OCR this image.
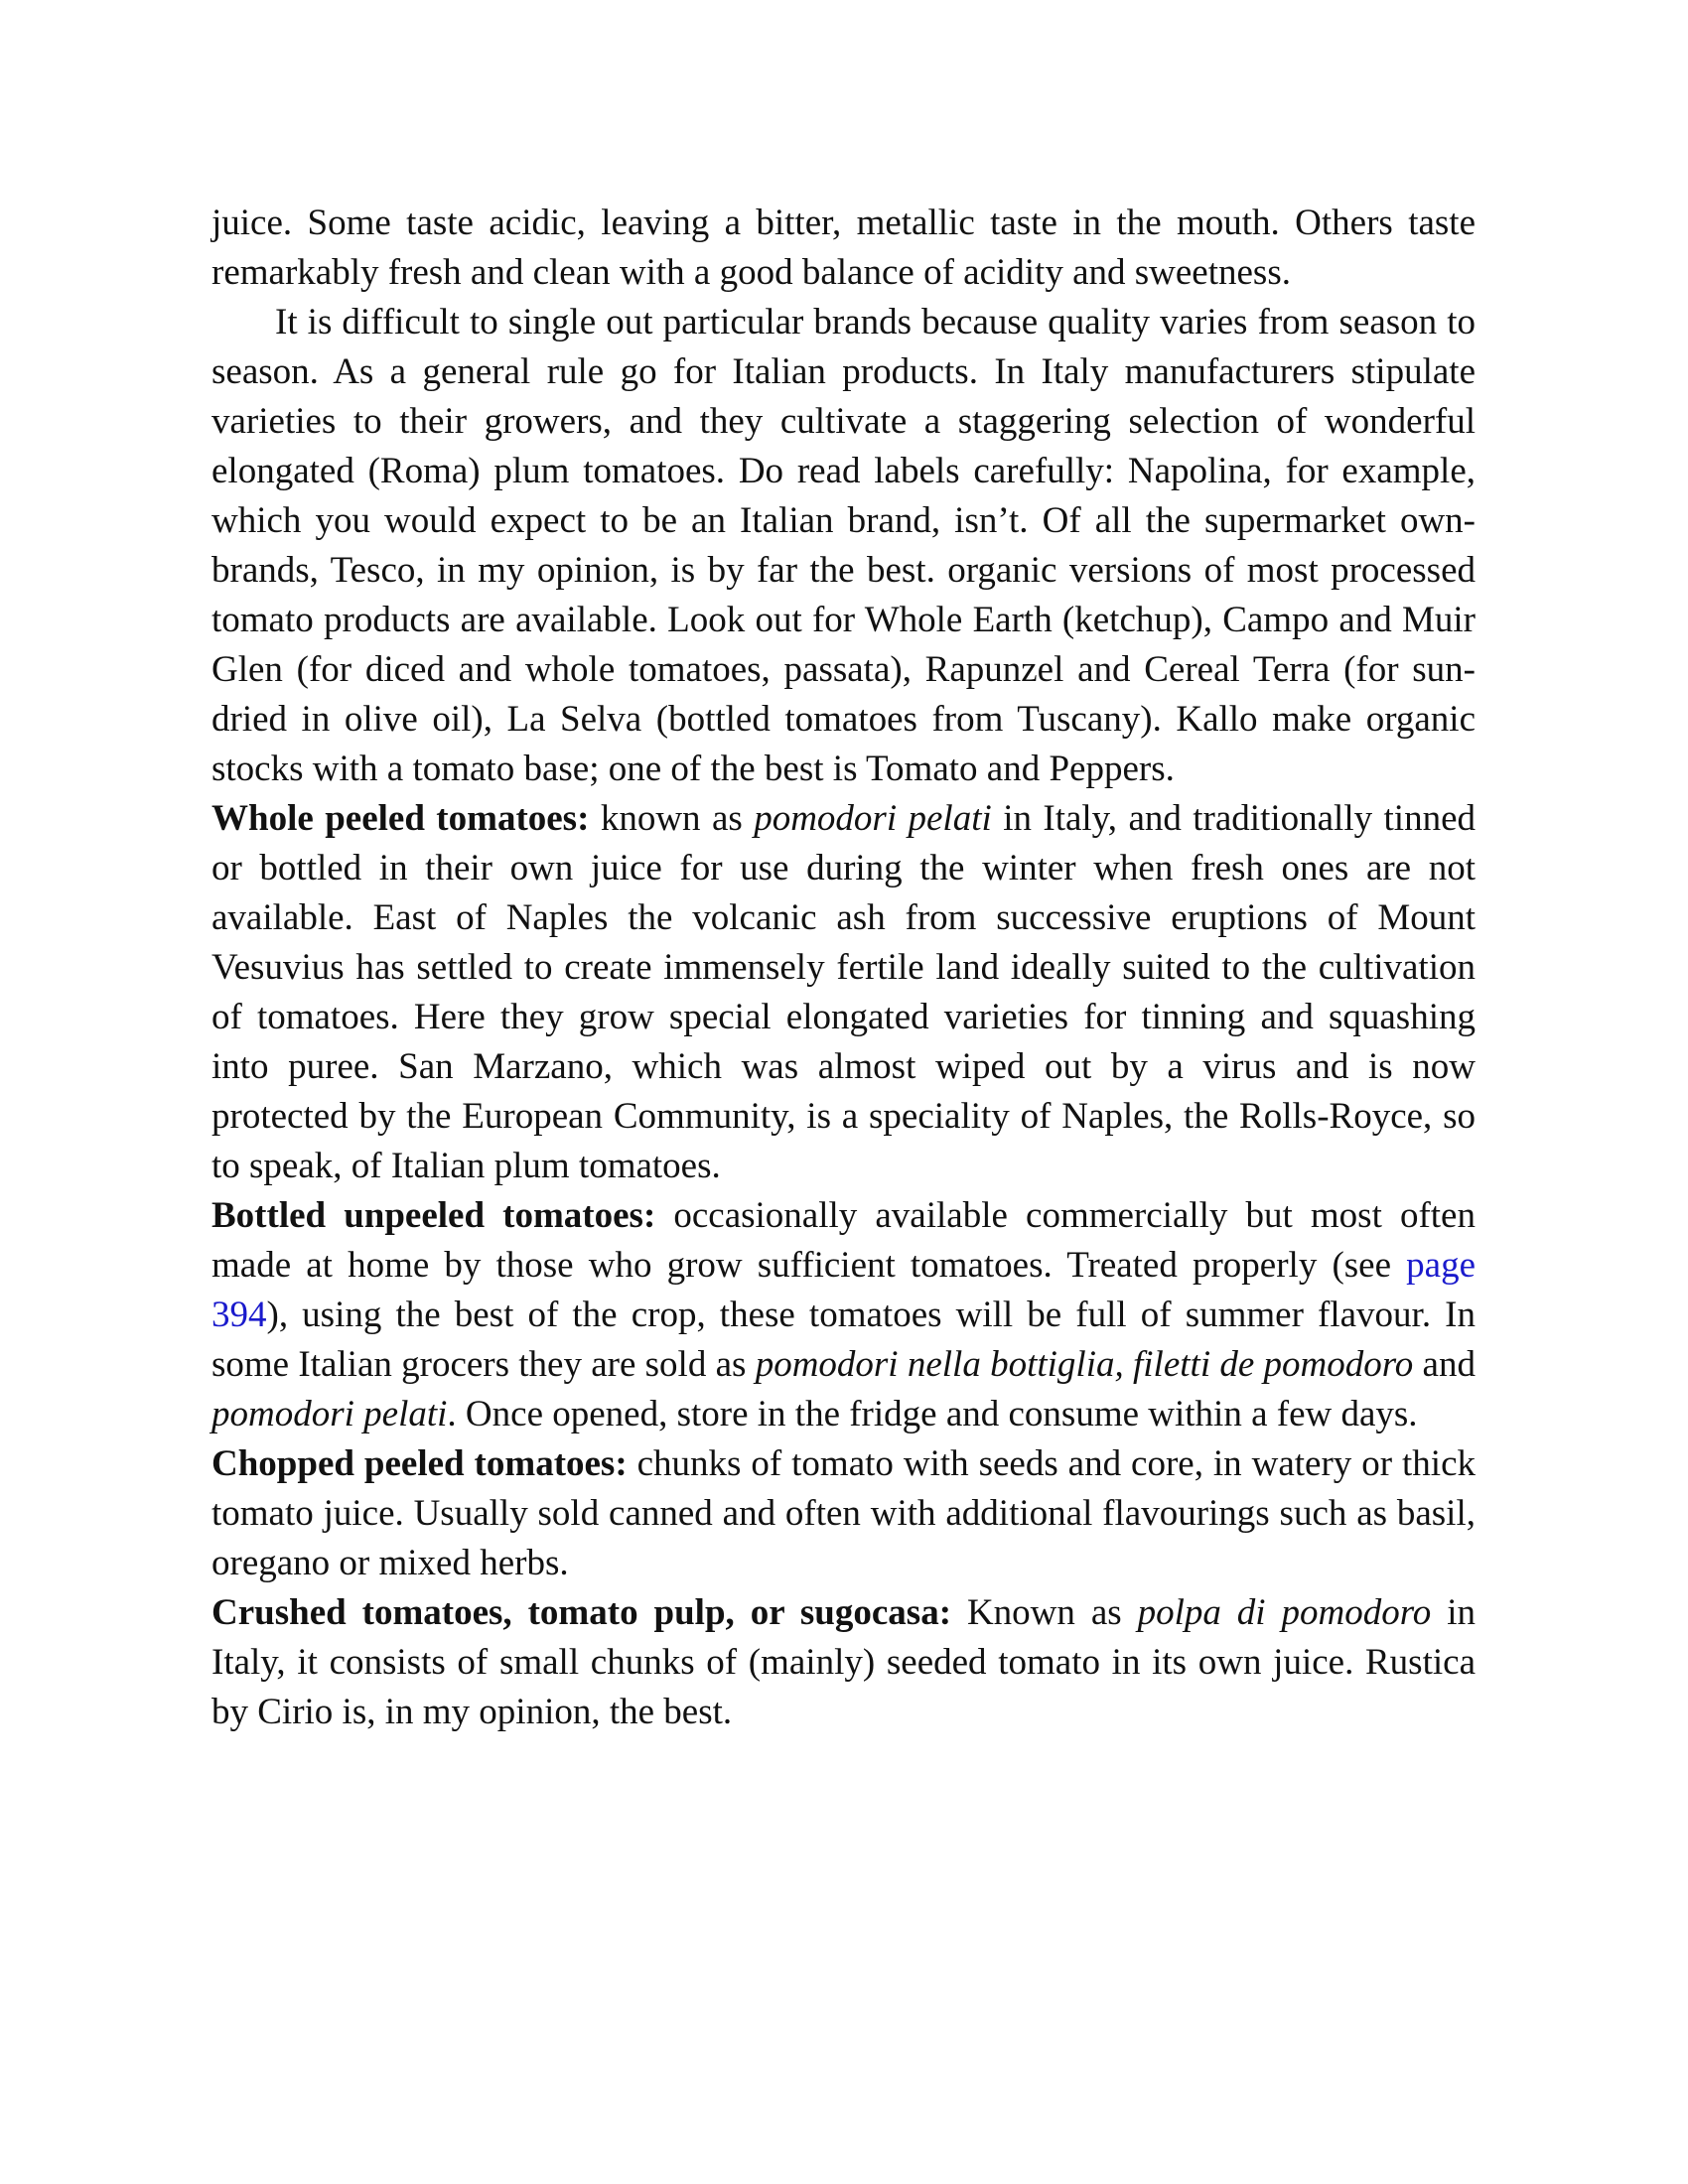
juice. Some taste acidic, leaving a bitter, metallic taste in the mouth. Others taste remarkably fresh and clean with a good balance of acidity and sweetness.

It is difficult to single out particular brands because quality varies from season to season. As a general rule go for Italian products. In Italy manufacturers stipulate varieties to their growers, and they cultivate a staggering selection of wonderful elongated (Roma) plum tomatoes. Do read labels carefully: Napolina, for example, which you would expect to be an Italian brand, isn’t. Of all the supermarket own-brands, Tesco, in my opinion, is by far the best. organic versions of most processed tomato products are available. Look out for Whole Earth (ketchup), Campo and Muir Glen (for diced and whole tomatoes, passata), Rapunzel and Cereal Terra (for sun-dried in olive oil), La Selva (bottled tomatoes from Tuscany). Kallo make organic stocks with a tomato base; one of the best is Tomato and Peppers.

Whole peeled tomatoes: known as pomodori pelati in Italy, and traditionally tinned or bottled in their own juice for use during the winter when fresh ones are not available. East of Naples the volcanic ash from successive eruptions of Mount Vesuvius has settled to create immensely fertile land ideally suited to the cultivation of tomatoes. Here they grow special elongated varieties for tinning and squashing into puree. San Marzano, which was almost wiped out by a virus and is now protected by the European Community, is a speciality of Naples, the Rolls-Royce, so to speak, of Italian plum tomatoes.

Bottled unpeeled tomatoes: occasionally available commercially but most often made at home by those who grow sufficient tomatoes. Treated properly (see page 394), using the best of the crop, these tomatoes will be full of summer flavour. In some Italian grocers they are sold as pomodori nella bottiglia, filetti de pomodoro and pomodori pelati. Once opened, store in the fridge and consume within a few days.

Chopped peeled tomatoes: chunks of tomato with seeds and core, in watery or thick tomato juice. Usually sold canned and often with additional flavourings such as basil, oregano or mixed herbs.

Crushed tomatoes, tomato pulp, or sugocasa: Known as polpa di pomodoro in Italy, it consists of small chunks of (mainly) seeded tomato in its own juice. Rustica by Cirio is, in my opinion, the best.
